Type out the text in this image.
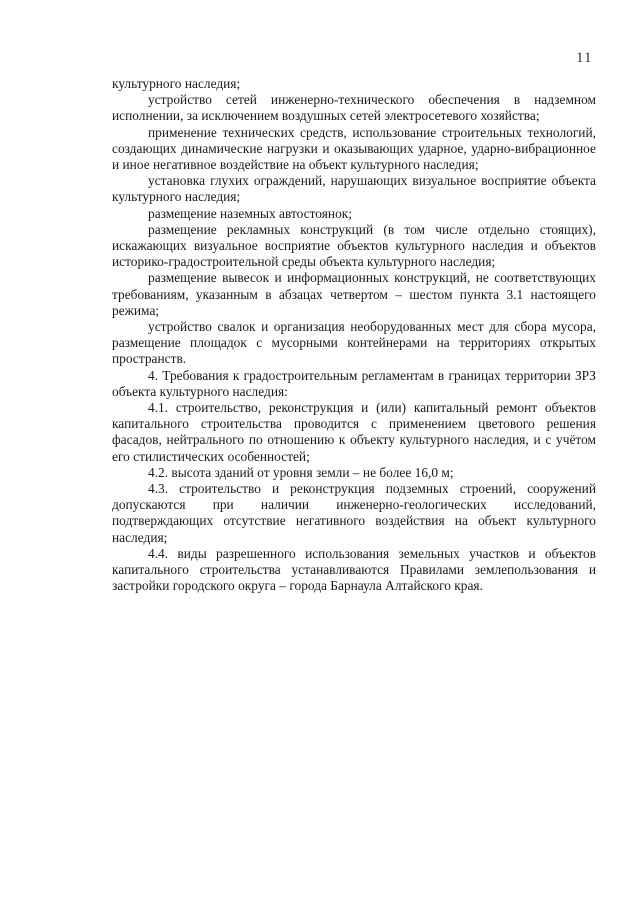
11

культурного наследия;

устройство сетей инженерно-технического обеспечения в надземном исполнении, за исключением воздушных сетей электросетевого хозяйства;

применение технических средств, использование строительных технологий, создающих динамические нагрузки и оказывающих ударное, ударно-вибрационное и иное негативное воздействие на объект культурного наследия;

установка глухих ограждений, нарушающих визуальное восприятие объекта культурного наследия;

размещение наземных автостоянок;

размещение рекламных конструкций (в том числе отдельно стоящих), искажающих визуальное восприятие объектов культурного наследия и объектов историко-градостроительной среды объекта культурного наследия;

размещение вывесок и информационных конструкций, не соответствующих требованиям, указанным в абзацах четвертом – шестом пункта 3.1 настоящего режима;

устройство свалок и организация необорудованных мест для сбора мусора, размещение площадок с мусорными контейнерами на территориях открытых пространств.

4. Требования к градостроительным регламентам в границах территории ЗРЗ объекта культурного наследия:

4.1. строительство, реконструкция и (или) капитальный ремонт объектов капитального строительства проводится с применением цветового решения фасадов, нейтрального по отношению к объекту культурного наследия, и с учётом его стилистических особенностей;

4.2. высота зданий от уровня земли – не более 16,0 м;

4.3. строительство и реконструкция подземных строений, сооружений допускаются при наличии инженерно-геологических исследований, подтверждающих отсутствие негативного воздействия на объект культурного наследия;

4.4. виды разрешенного использования земельных участков и объектов капитального строительства устанавливаются Правилами землепользования и застройки городского округа – города Барнаула Алтайского края.
